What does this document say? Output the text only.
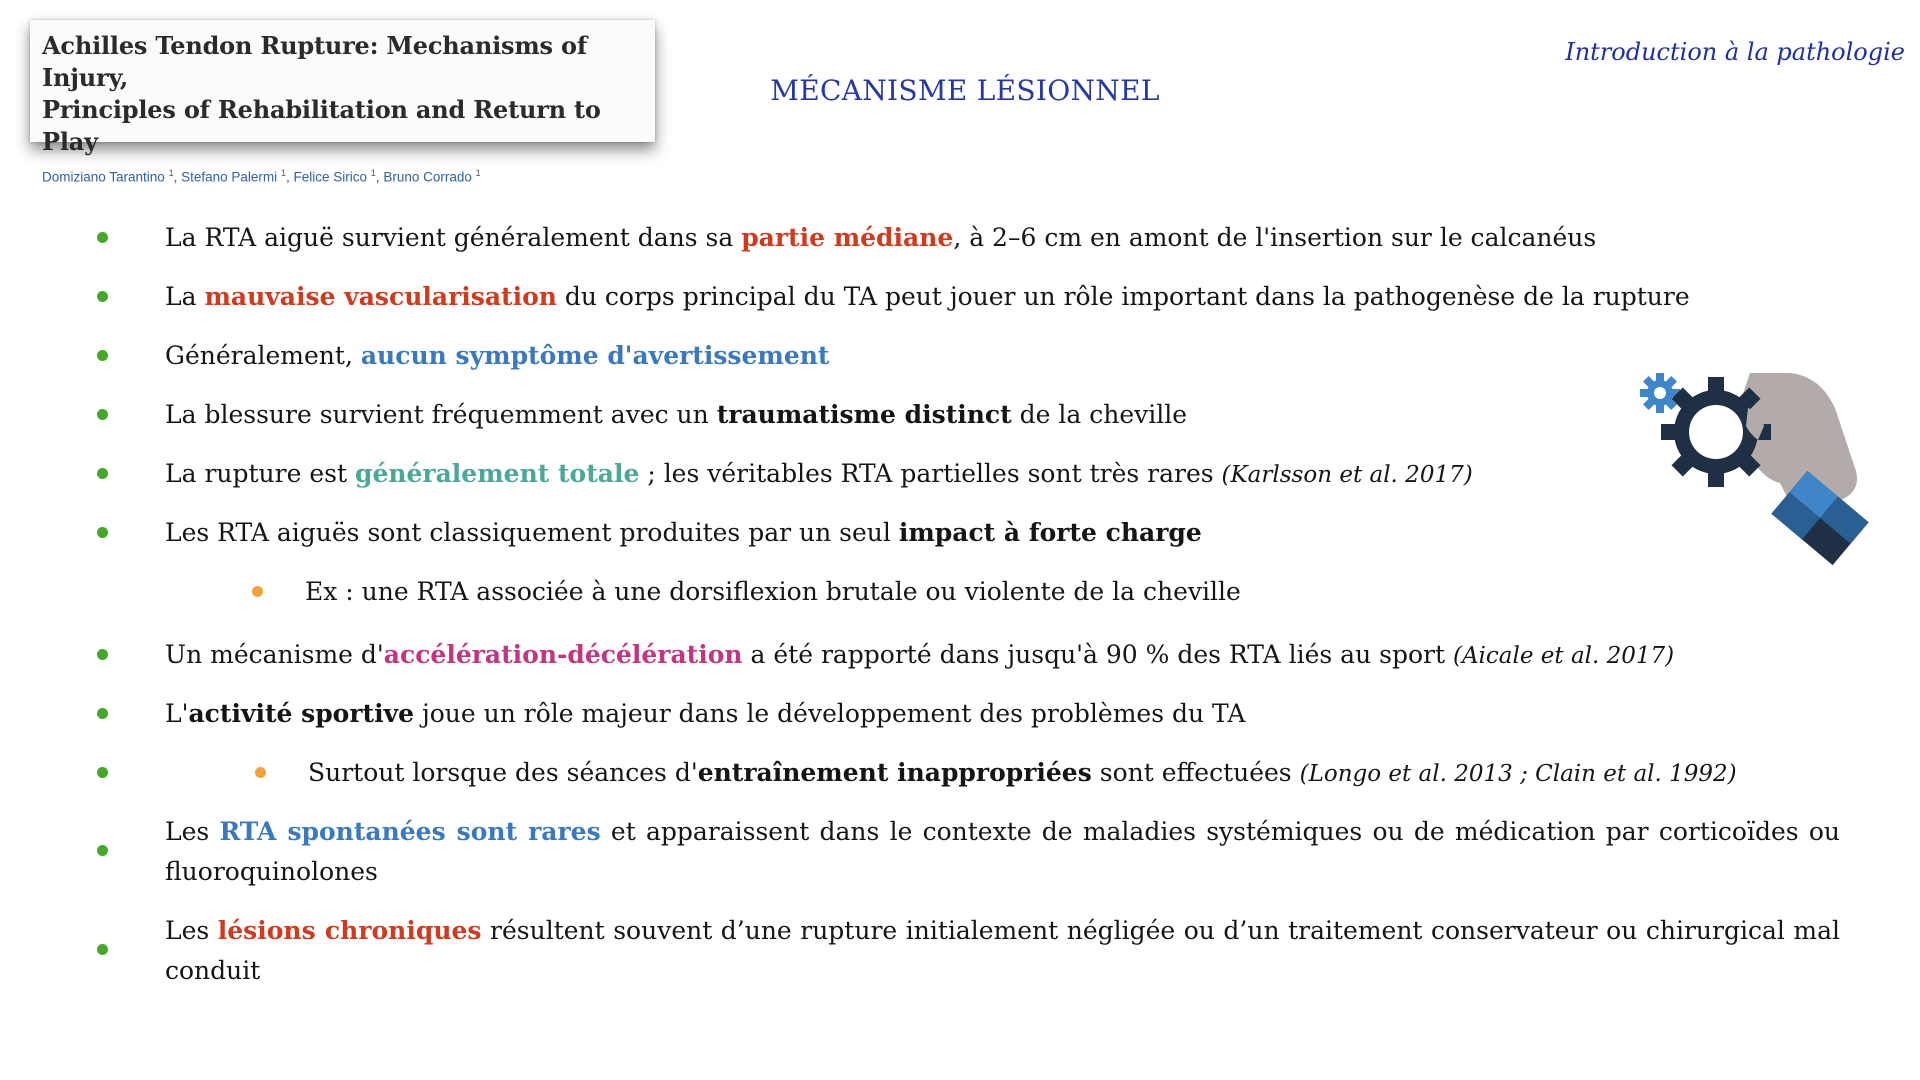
Achilles Tendon Rupture: Mechanisms of Injury,
Principles of Rehabilitation and Return to Play
Domiziano Tarantino $^1$, Stefano Palermi $^1$, Felice Sirico $^1$, Bruno Corrado $^1$
MÉCANISME LÉSIONNEL
Introduction à la pathologie
La RTA aiguë survient généralement dans sa partie médiane, à 2–6 cm en amont de l'insertion sur le calcanéus
La mauvaise vascularisation du corps principal du TA peut jouer un rôle important dans la pathogenèse de la rupture
Généralement, aucun symptôme d'avertissement
La blessure survient fréquemment avec un traumatisme distinct de la cheville
La rupture est généralement totale ; les véritables RTA partielles sont très rares (Karlsson et al. 2017)
Les RTA aiguës sont classiquement produites par un seul impact à forte charge
Ex : une RTA associée à une dorsiflexion brutale ou violente de la cheville
Un mécanisme d'accélération-décélération a été rapporté dans jusqu'à 90 % des RTA liés au sport (Aicale et al. 2017)
L'activité sportive joue un rôle majeur dans le développement des problèmes du TA
Surtout lorsque des séances d'entraînement inappropriées sont effectuées (Longo et al. 2013 ; Clain et al. 1992)
Les RTA spontanées sont rares et apparaissent dans le contexte de maladies systémiques ou de médication par corticoïdes ou fluoroquinolones
Les lésions chroniques résultent souvent d’une rupture initialement négligée ou d’un traitement conservateur ou chirurgical mal conduit
